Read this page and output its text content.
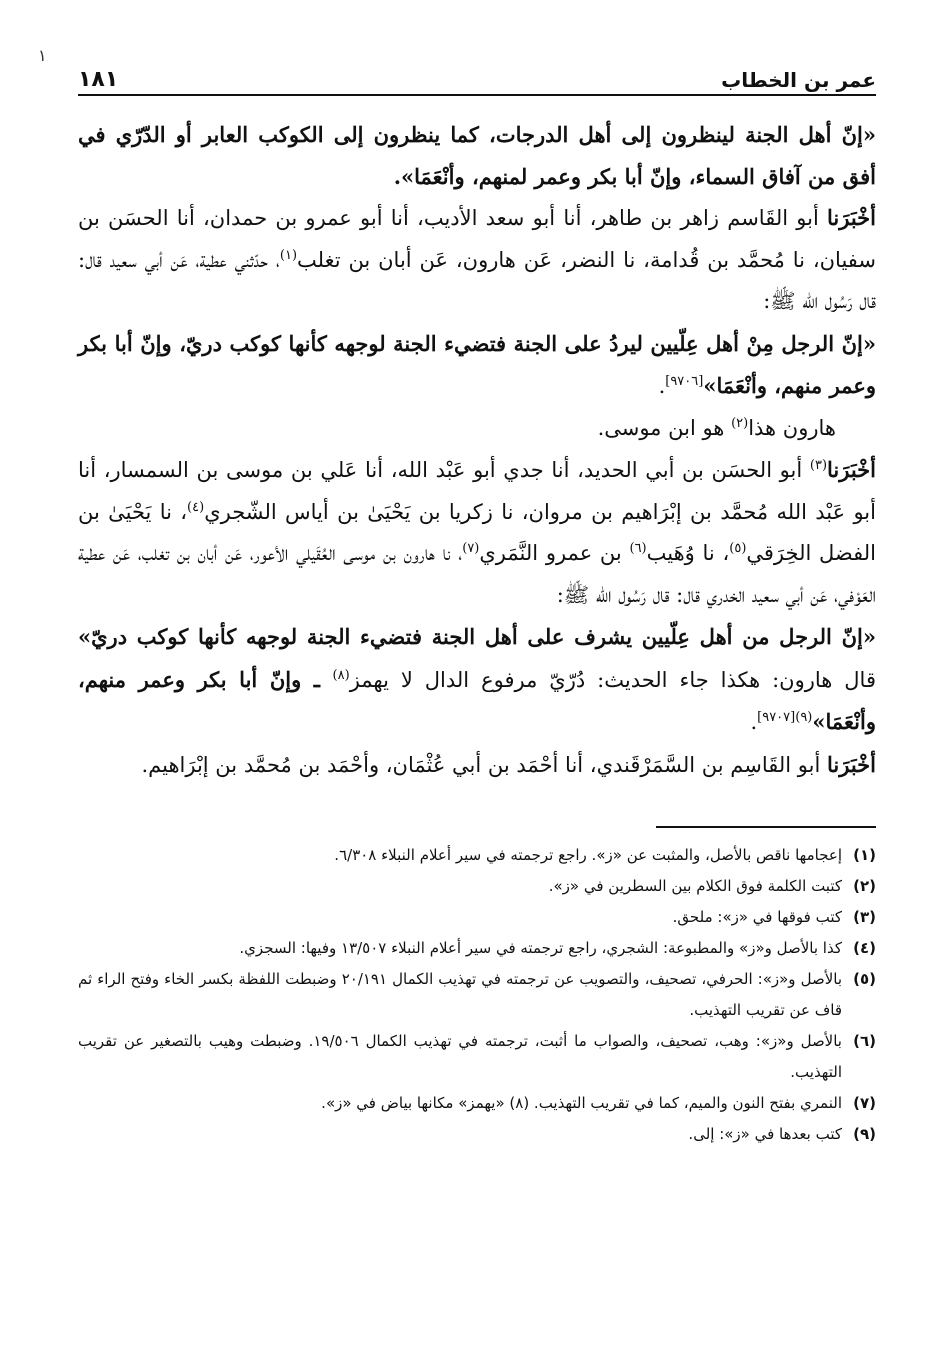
١
عمر بن الخطاب
١٨١

«إنّ أهل الجنة لينظرون إلى أهل الدرجات، كما ينظرون إلى الكوكب العابر أو الدّرّي في أفق من آفاق السماء، وإنّ أبا بكر وعمر لمنهم، وأنْعَمَا».

أخْبَرَنا أبو القَاسم زاهر بن طاهر، أنا أبو سعد الأديب، أنا أبو عمرو بن حمدان، أنا الحسَن بن سفيان، نا مُحمَّد بن قُدامة، نا النضر، عَن هارون، عَن أبان بن تغلب$^{(١)}$، حدّثني عطية، عَن أبي سعيد قال: قال رَسُول الله ﷺ:

«إنّ الرجل مِنْ أهل عِلّيين ليردُ على الجنة فتضيء الجنة لوجهه كأنها كوكب دريّ، وإنّ أبا بكر وعمر منهم، وأنْعَمَا»[٩٧٠٦].

هارون هذا$^{(٢)}$ هو ابن موسى.

أخْبَرَنا$^{(٣)}$ أبو الحسَن بن أبي الحديد، أنا جدي أبو عَبْد الله، أنا عَلي بن موسى بن السمسار، أنا أبو عَبْد الله مُحمَّد بن إبْرَاهيم بن مروان، نا زكريا بن يَحْيَىٰ بن أياس الشّجري$^{(٤)}$، نا يَحْيَىٰ بن الفضل الخِرَقي$^{(٥)}$، نا وُهَيب$^{(٦)}$ بن عمرو النَّمَري$^{(٧)}$، نا هارون بن موسى العُقَيلي الأعور، عَن أبان بن تغلب، عَن عطية العَوْفي، عَن أبي سعيد الخدري قال: قال رَسُول الله ﷺ:

«إنّ الرجل من أهل عِلّيين يشرف على أهل الجنة فتضيء الجنة لوجهه كأنها كوكب دريّ» قال هارون: هكذا جاء الحديث: دُرّيّ مرفوع الدال لا يهمز$^{(٨)}$ ـ وإنّ أبا بكر وعمر منهم، وأنْعَمَا»$^{(٩)[٩٧٠٧]}$.

أخْبَرَنا أبو القَاسِم بن السَّمَرْقَندي، أنا أحْمَد بن أبي عُثْمَان، وأحْمَد بن مُحمَّد بن إبْرَاهيم.

(١)
إعجامها ناقص بالأصل، والمثبت عن «ز». راجع ترجمته في سير أعلام النبلاء ٦/٣٠٨.
(٢)
كتبت الكلمة فوق الكلام بين السطرين في «ز».
(٣)
كتب فوقها في «ز»: ملحق.
(٤)
كذا بالأصل و«ز» والمطبوعة: الشجري، راجع ترجمته في سير أعلام النبلاء ١٣/٥٠٧ وفيها: السجزي.
(٥)
بالأصل و«ز»: الحرفي، تصحيف، والتصويب عن ترجمته في تهذيب الكمال ٢٠/١٩١ وضبطت اللفظة بكسر الخاء وفتح الراء ثم قاف عن تقريب التهذيب.
(٦)
بالأصل و«ز»: وهب، تصحيف، والصواب ما أثبت، ترجمته في تهذيب الكمال ١٩/٥٠٦. وضبطت وهيب بالتصغير عن تقريب التهذيب.
(٧)
النمري بفتح النون والميم، كما في تقريب التهذيب. (٨) «يهمز» مكانها بياض في «ز».
(٩)
كتب بعدها في «ز»: إلى.
